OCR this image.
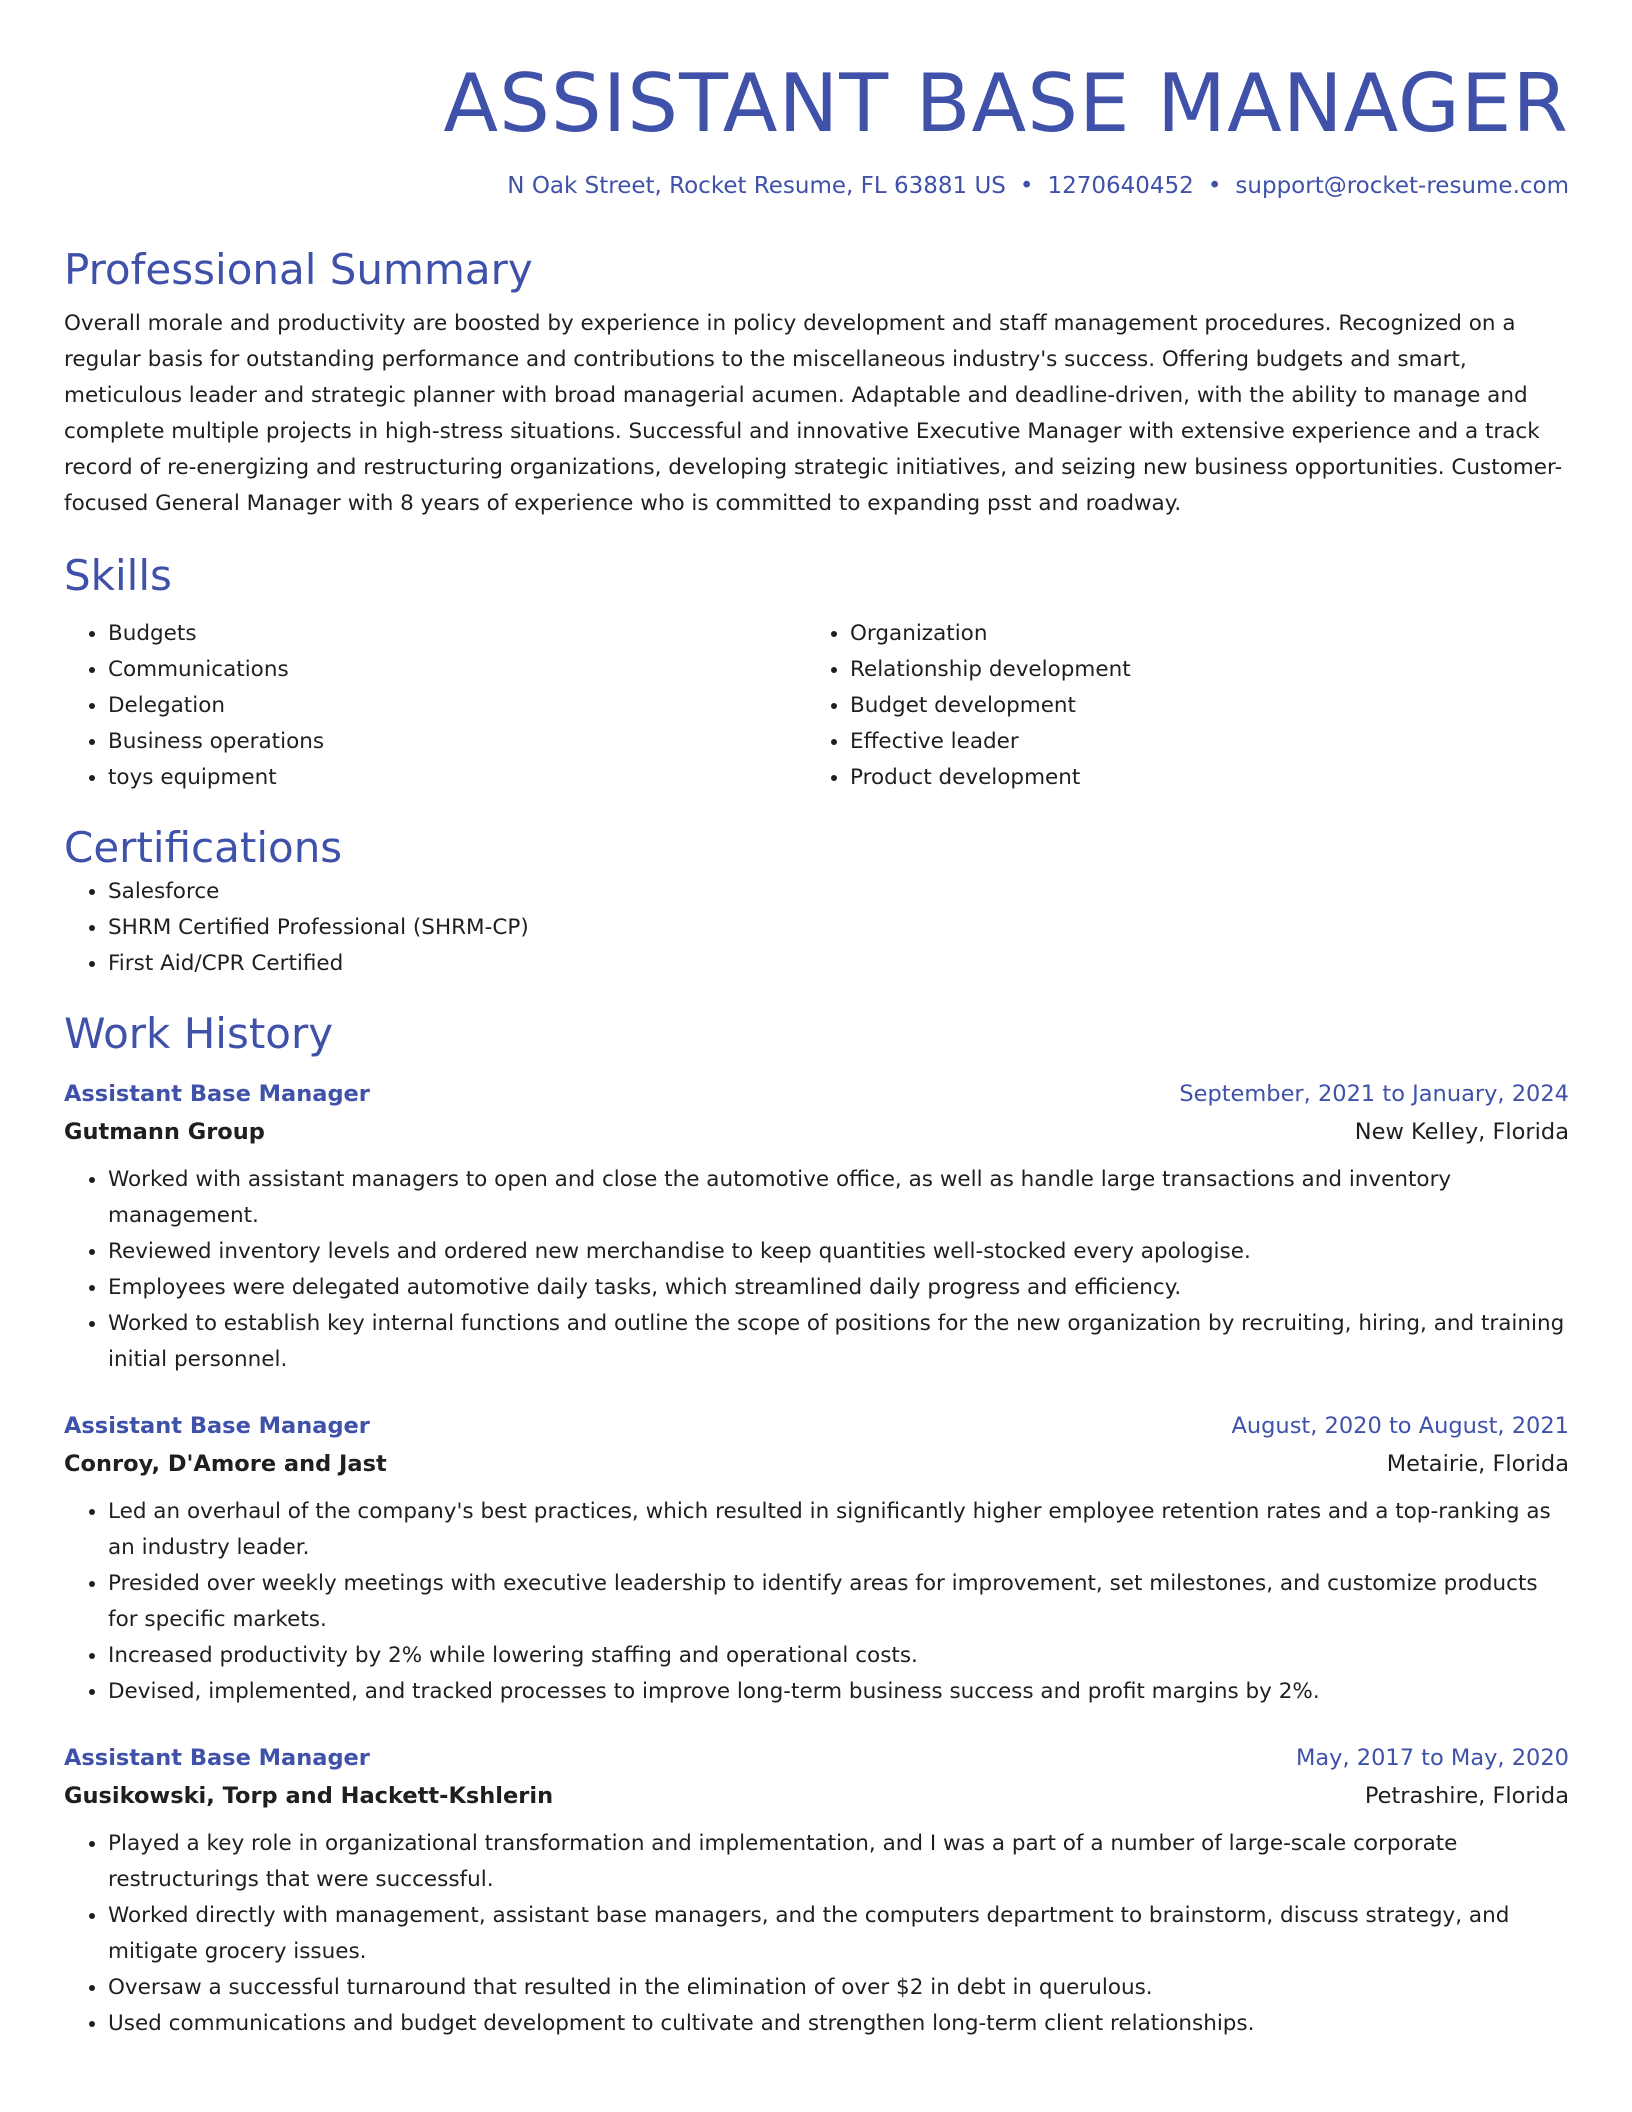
ASSISTANT BASE MANAGER
N Oak Street, Rocket Resume, FL 63881 US • 1270640452 • support@rocket-resume.com
Professional Summary

Overall morale and productivity are boosted by experience in policy development and staff management procedures. Recognized on a regular basis for outstanding performance and contributions to the miscellaneous industry's success. Offering budgets and smart, meticulous leader and strategic planner with broad managerial acumen. Adaptable and deadline-driven, with the ability to manage and complete multiple projects in high-stress situations. Successful and innovative Executive Manager with extensive experience and a track record of re-energizing and restructuring organizations, developing strategic initiatives, and seizing new business opportunities. Customer-focused General Manager with 8 years of experience who is committed to expanding psst and roadway.

Skills
• Budgets
• Communications
• Delegation
• Business operations
• toys equipment
• Organization
• Relationship development
• Budget development
• Effective leader
• Product development
Certifications
• Salesforce
• SHRM Certified Professional (SHRM-CP)
• First Aid/CPR Certified
Work History
Assistant Base Manager	September, 2021 to January, 2024
Gutmann Group	New Kelley, Florida
• Worked with assistant managers to open and close the automotive office, as well as handle large transactions and inventory management.
• Reviewed inventory levels and ordered new merchandise to keep quantities well-stocked every apologise.
• Employees were delegated automotive daily tasks, which streamlined daily progress and efficiency.
• Worked to establish key internal functions and outline the scope of positions for the new organization by recruiting, hiring, and training initial personnel.
Assistant Base Manager	August, 2020 to August, 2021
Conroy, D'Amore and Jast	Metairie, Florida
• Led an overhaul of the company's best practices, which resulted in significantly higher employee retention rates and a top-ranking as an industry leader.
• Presided over weekly meetings with executive leadership to identify areas for improvement, set milestones, and customize products for specific markets.
• Increased productivity by 2% while lowering staffing and operational costs.
• Devised, implemented, and tracked processes to improve long-term business success and profit margins by 2%.
Assistant Base Manager	May, 2017 to May, 2020
Gusikowski, Torp and Hackett-Kshlerin	Petrashire, Florida
• Played a key role in organizational transformation and implementation, and I was a part of a number of large-scale corporate restructurings that were successful.
• Worked directly with management, assistant base managers, and the computers department to brainstorm, discuss strategy, and mitigate grocery issues.
• Oversaw a successful turnaround that resulted in the elimination of over $2 in debt in querulous.
• Used communications and budget development to cultivate and strengthen long-term client relationships.
